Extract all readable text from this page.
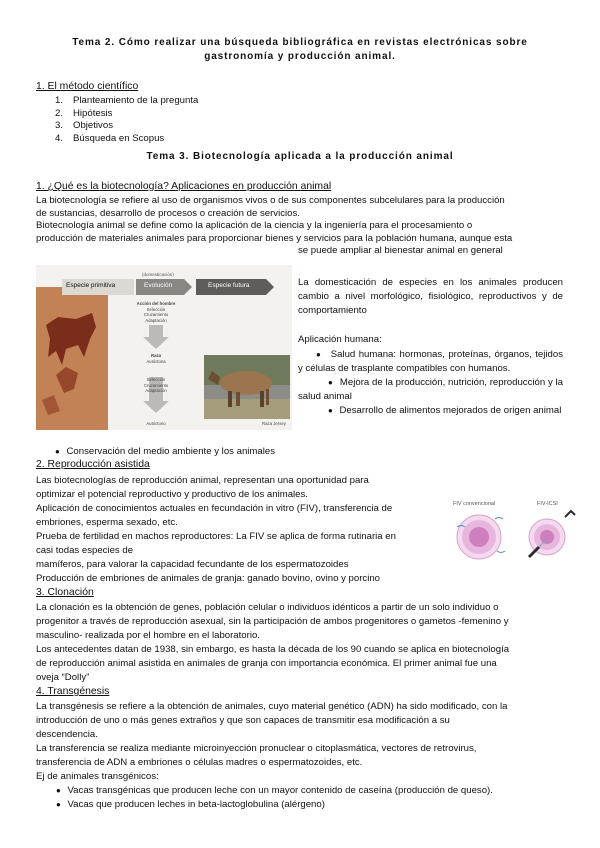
Tema 2. Cómo realizar una búsqueda bibliográfica en revistas electrónicas sobre
gastronomía y producción animal.
1. El método científico
1. Planteamiento de la pregunta
2. Hipótesis
3. Objetivos
4. Búsqueda en Scopus
Tema 3. Biotecnología aplicada a la producción animal
1. ¿Qué es la biotecnología? Aplicaciones en producción animal
La biotecnología se refiere al uso de organismos vivos o de sus componentes subcelulares para la producción
de sustancias, desarrollo de procesos o creación de servicios.
Biotecnología animal se define como la aplicación de la ciencia y la ingeniería para el procesamiento o
producción de materiales animales para proporcionar bienes y servicios para la población humana, aunque esta
se puede ampliar al bienestar animal en general
Especie primitiva
(domesticación)
Evolución	Especie futura
Acción del hombre
Selección
Cruzamiento
Adaptación
Raza
Autóctona
Selección
Cruzamiento
Adaptación
Autóctono	Raza Jersey
La domesticación de especies en los animales producen cambio a nivel morfológico, fisiológico, reproductivos y de comportamiento
Aplicación humana:
●   Salud humana: hormonas, proteínas, órganos, tejidos y células de trasplante compatibles con humanos.
●   Mejora de la producción, nutrición, reproducción y la salud animal
●   Desarrollo de alimentos mejorados de origen animal
●   Conservación del medio ambiente y los animales
2. Reproducción asistida
Las biotecnologías de reproducción animal, representan una oportunidad para
optimizar el potencial reproductivo y productivo de los animales.
Aplicación de conocimientos actuales en fecundación in vitro (FIV), transferencia de
embriones, esperma sexado, etc.
Prueba de fertilidad en machos reproductores: La FIV se aplica de forma rutinaria en
casi todas especies de
mamíferos, para valorar la capacidad fecundante de los espermatozoides
Producción de embriones de animales de granja: ganado bovino, ovino y porcino
FIV convencional	FIV-ICSI
3. Clonación
La clonación es la obtención de genes, población celular o individuos idénticos a partir de un solo individuo o
progenitor a través de reproducción asexual, sin la participación de ambos progenitores o gametos -femenino y
masculino- realizada por el hombre en el laboratorio.
Los antecedentes datan de 1938, sin embargo, es hasta la década de los 90 cuando se aplica en biotecnología
de reproducción animal asistida en animales de granja con importancia económica. El primer animal fue una
oveja “Dolly”
4. Transgénesis
La transgénesis se refiere a la obtención de animales, cuyo material genético (ADN) ha sido modificado, con la
introducción de uno o más genes extraños y que son capaces de transmitir esa modificación a su
descendencia.
La transferencia se realiza mediante microinyección pronuclear o citoplasmática, vectores de retrovirus,
transferencia de ADN a embriones o células madres o espermatozoides, etc.
Ej de animales transgénicos:
●   Vacas transgénicas que producen leche con un mayor contenido de caseína (producción de queso).
●   Vacas que producen leches in beta-lactoglobulina (alérgeno)
